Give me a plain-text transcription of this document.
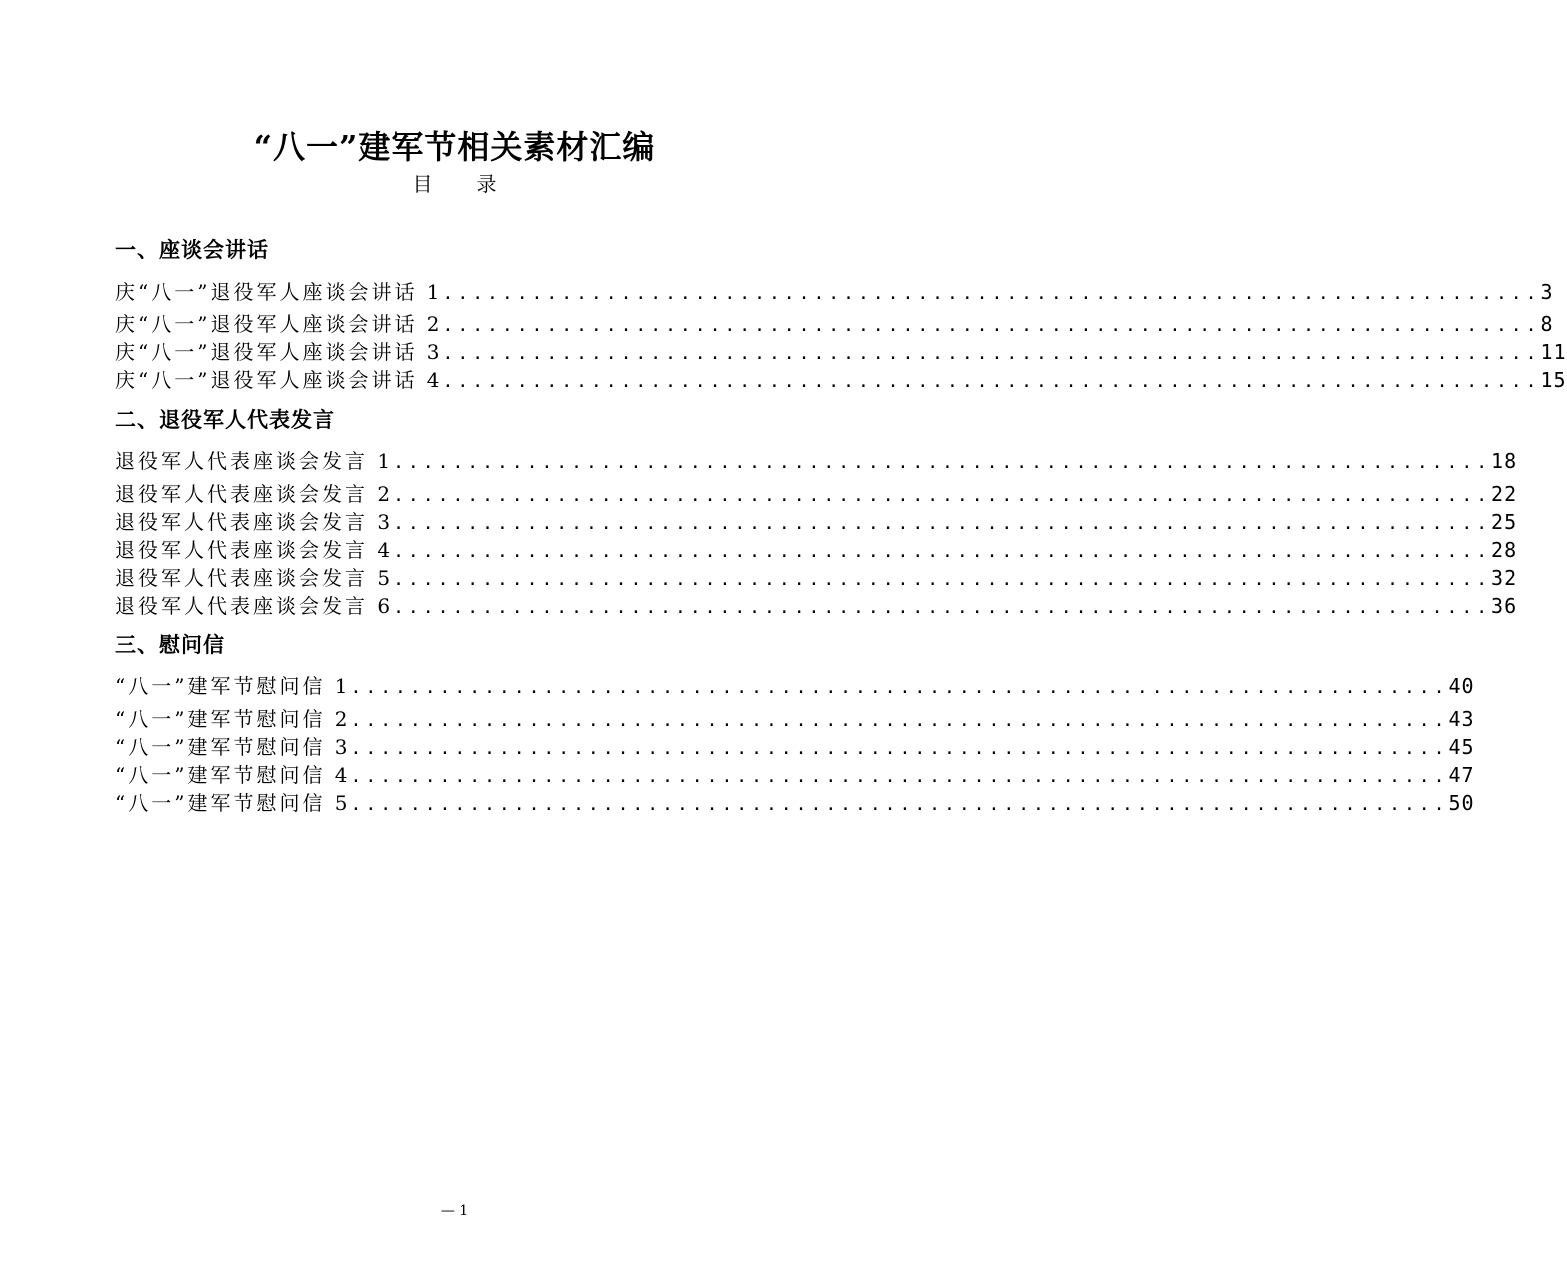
“八一”建军节相关素材汇编
目录
一、座谈会讲话
庆“八一”退役军人座谈会讲话 1 .......................................................................... 3
庆“八一”退役军人座谈会讲话 2 .......................................................................... 8
庆“八一”退役军人座谈会讲话 3 .......................................................................... 11
庆“八一”退役军人座谈会讲话 4 .......................................................................... 15
二、退役军人代表发言
退役军人代表座谈会发言 1 .......................................................................... 18
退役军人代表座谈会发言 2 .......................................................................... 22
退役军人代表座谈会发言 3 .......................................................................... 25
退役军人代表座谈会发言 4 .......................................................................... 28
退役军人代表座谈会发言 5 .......................................................................... 32
退役军人代表座谈会发言 6 .......................................................................... 36
三、慰问信
“八一”建军节慰问信 1 .......................................................................... 40
“八一”建军节慰问信 2 .......................................................................... 43
“八一”建军节慰问信 3 .......................................................................... 45
“八一”建军节慰问信 4 .......................................................................... 47
“八一”建军节慰问信 5 .......................................................................... 50
— 1
